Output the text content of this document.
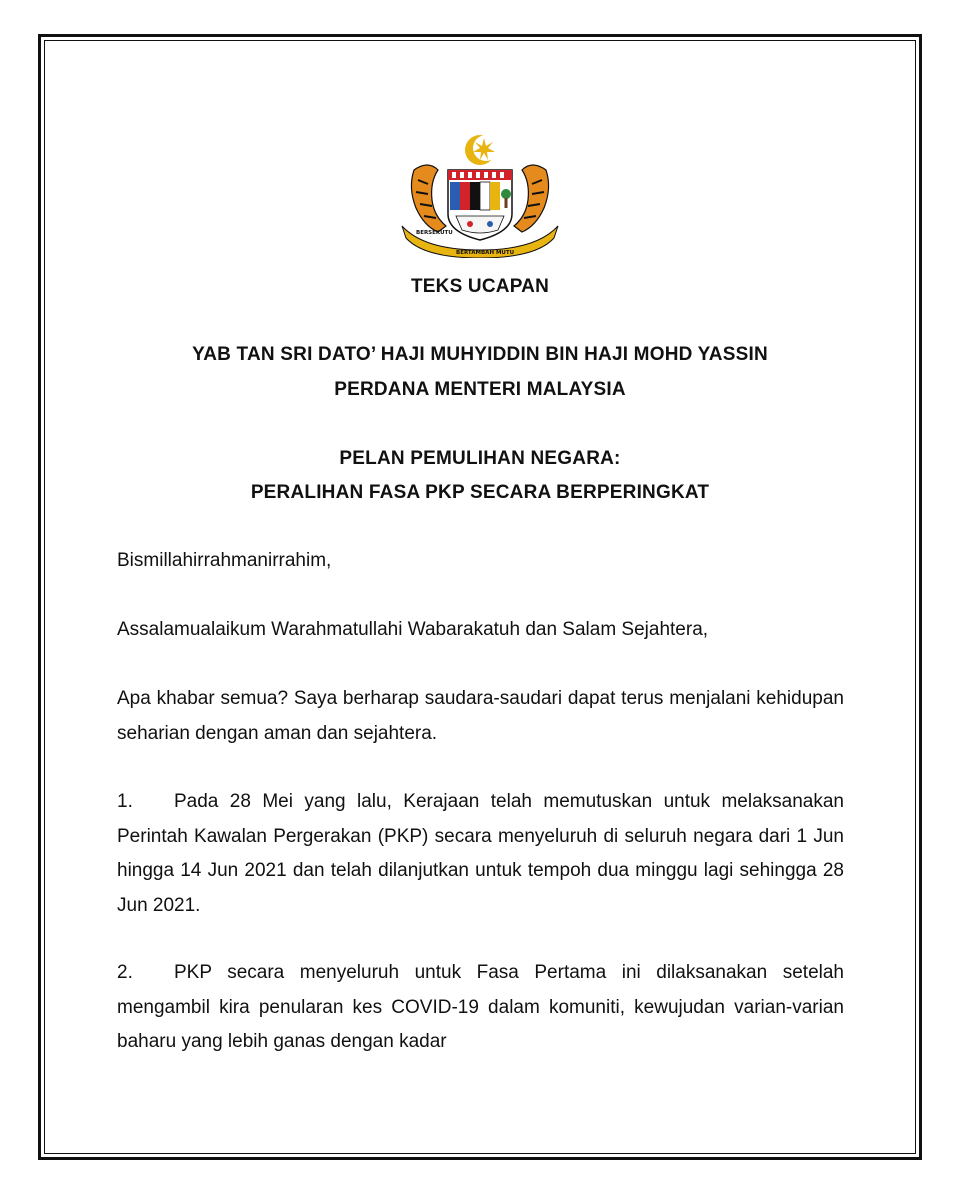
BERSEKUTU
BERTAMBAH MUTU
TEKS UCAPAN
YAB TAN SRI DATO’ HAJI MUHYIDDIN BIN HAJI MOHD YASSIN
PERDANA MENTERI MALAYSIA
PELAN PEMULIHAN NEGARA:
PERALIHAN FASA PKP SECARA BERPERINGKAT

Bismillahirrahmanirrahim,

Assalamualaikum Warahmatullahi Wabarakatuh dan Salam Sejahtera,

Apa khabar semua? Saya berharap saudara-saudari dapat terus menjalani kehidupan seharian dengan aman dan sejahtera.

1. Pada 28 Mei yang lalu, Kerajaan telah memutuskan untuk melaksanakan Perintah Kawalan Pergerakan (PKP) secara menyeluruh di seluruh negara dari 1 Jun hingga 14 Jun 2021 dan telah dilanjutkan untuk tempoh dua minggu lagi sehingga 28 Jun 2021.

2. PKP secara menyeluruh untuk Fasa Pertama ini dilaksanakan setelah mengambil kira penularan kes COVID-19 dalam komuniti, kewujudan varian-varian baharu yang lebih ganas dengan kadar
